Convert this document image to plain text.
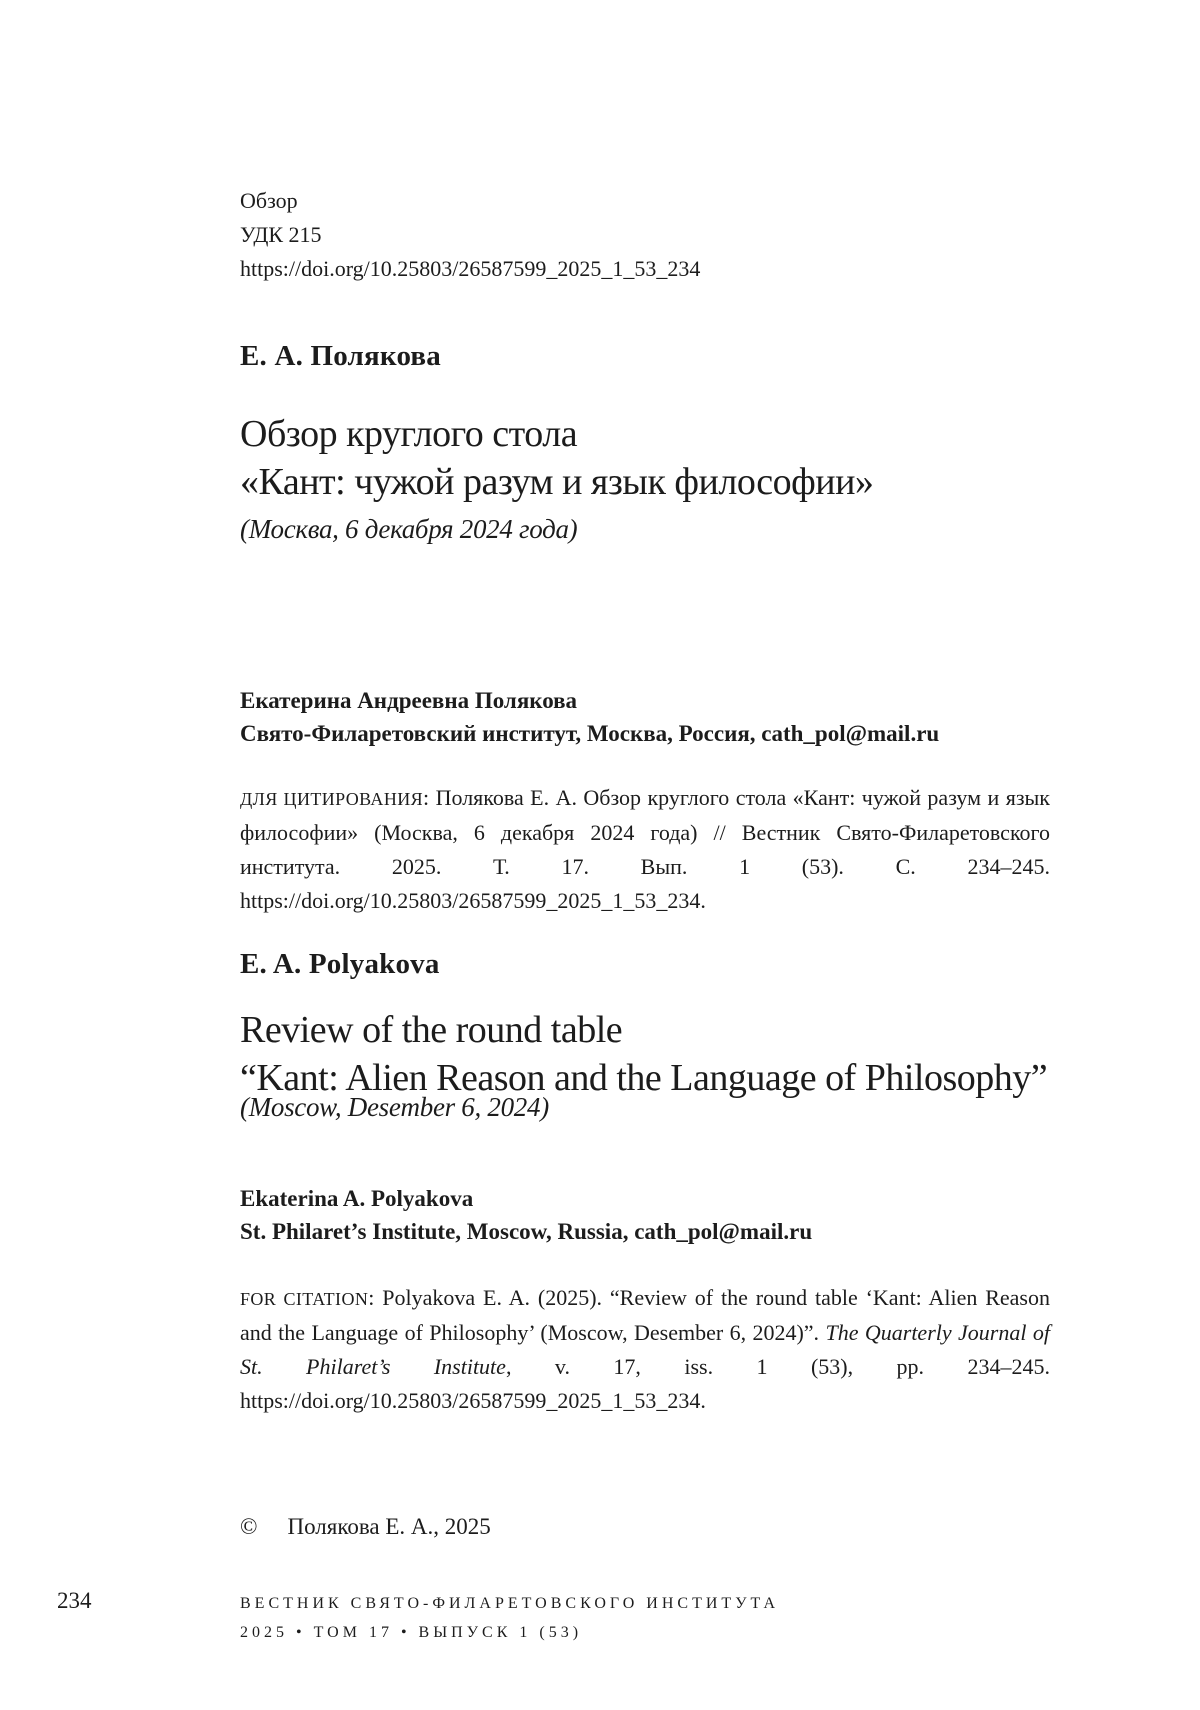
Обзор
УДК 215
https://doi.org/10.25803/26587599_2025_1_53_234
Е. А. Полякова
Обзор круглого стола
«Кант: чужой разум и язык философии»
(Москва, 6 декабря 2024 года)
Екатерина Андреевна Полякова
Свято-Филаретовский институт, Москва, Россия, cath_pol@mail.ru

ДЛЯ ЦИТИРОВАНИЯ: Полякова Е. А. Обзор круглого стола «Кант: чужой разум и язык философии» (Москва, 6 декабря 2024 года) // Вестник Свято-Филаретовского института. 2025. Т. 17. Вып. 1 (53). С. 234–245. https://doi.org/10.25803/26587599_2025_1_53_234.

E. A. Polyakova
Review of the round table
“Kant: Alien Reason and the Language of Philosophy”
(Moscow, Desember 6, 2024)
Ekaterina A. Polyakova
St. Philaret’s Institute, Moscow, Russia, cath_pol@mail.ru

FOR CITATION: Polyakova E. A. (2025). “Review of the round table ‘Kant: Alien Reason and the Language of Philosophy’ (Moscow, Desember 6, 2024)”. The Quarterly Journal of St. Philaret’s Institute, v. 17, iss. 1 (53), pp. 234–245. https://doi.org/10.25803/26587599_2025_1_53_234.

© Полякова Е. А., 2025
234	ВЕСТНИК СВЯТО-ФИЛАРЕТОВСКОГО ИНСТИТУТА
2025 • ТОМ 17 • ВЫПУСК 1 (53)
